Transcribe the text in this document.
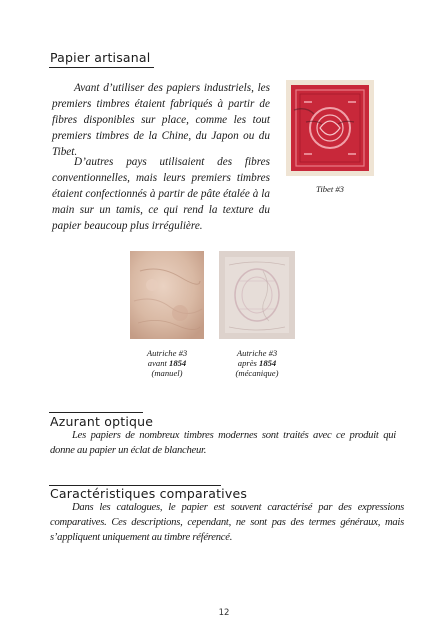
Papier artisanal

Avant d’utiliser des papiers industriels, les premiers timbres étaient fabriqués à partir de fibres disponibles sur place, comme les tout premiers timbres de la Chine, du Japon ou du Tibet.

D’autres pays utilisaient des fibres conventionnelles, mais leurs premiers timbres étaient confectionnés à partir de pâte étalée à la main sur un tamis, ce qui rend la texture du papier beaucoup plus irrégulière.

Tibet #3
Autriche #3
avant 1854
(manuel)
Autriche #3
après 1854
(mécanique)
Azurant optique

Les papiers de nombreux timbres modernes sont traités avec ce produit qui donne au papier un éclat de blancheur.

Caractéristiques comparatives

Dans les catalogues, le papier est souvent caractérisé par des expressions comparatives. Ces descriptions, cependant, ne sont pas des termes généraux, mais s’appliquent uniquement au timbre référencé.

12
